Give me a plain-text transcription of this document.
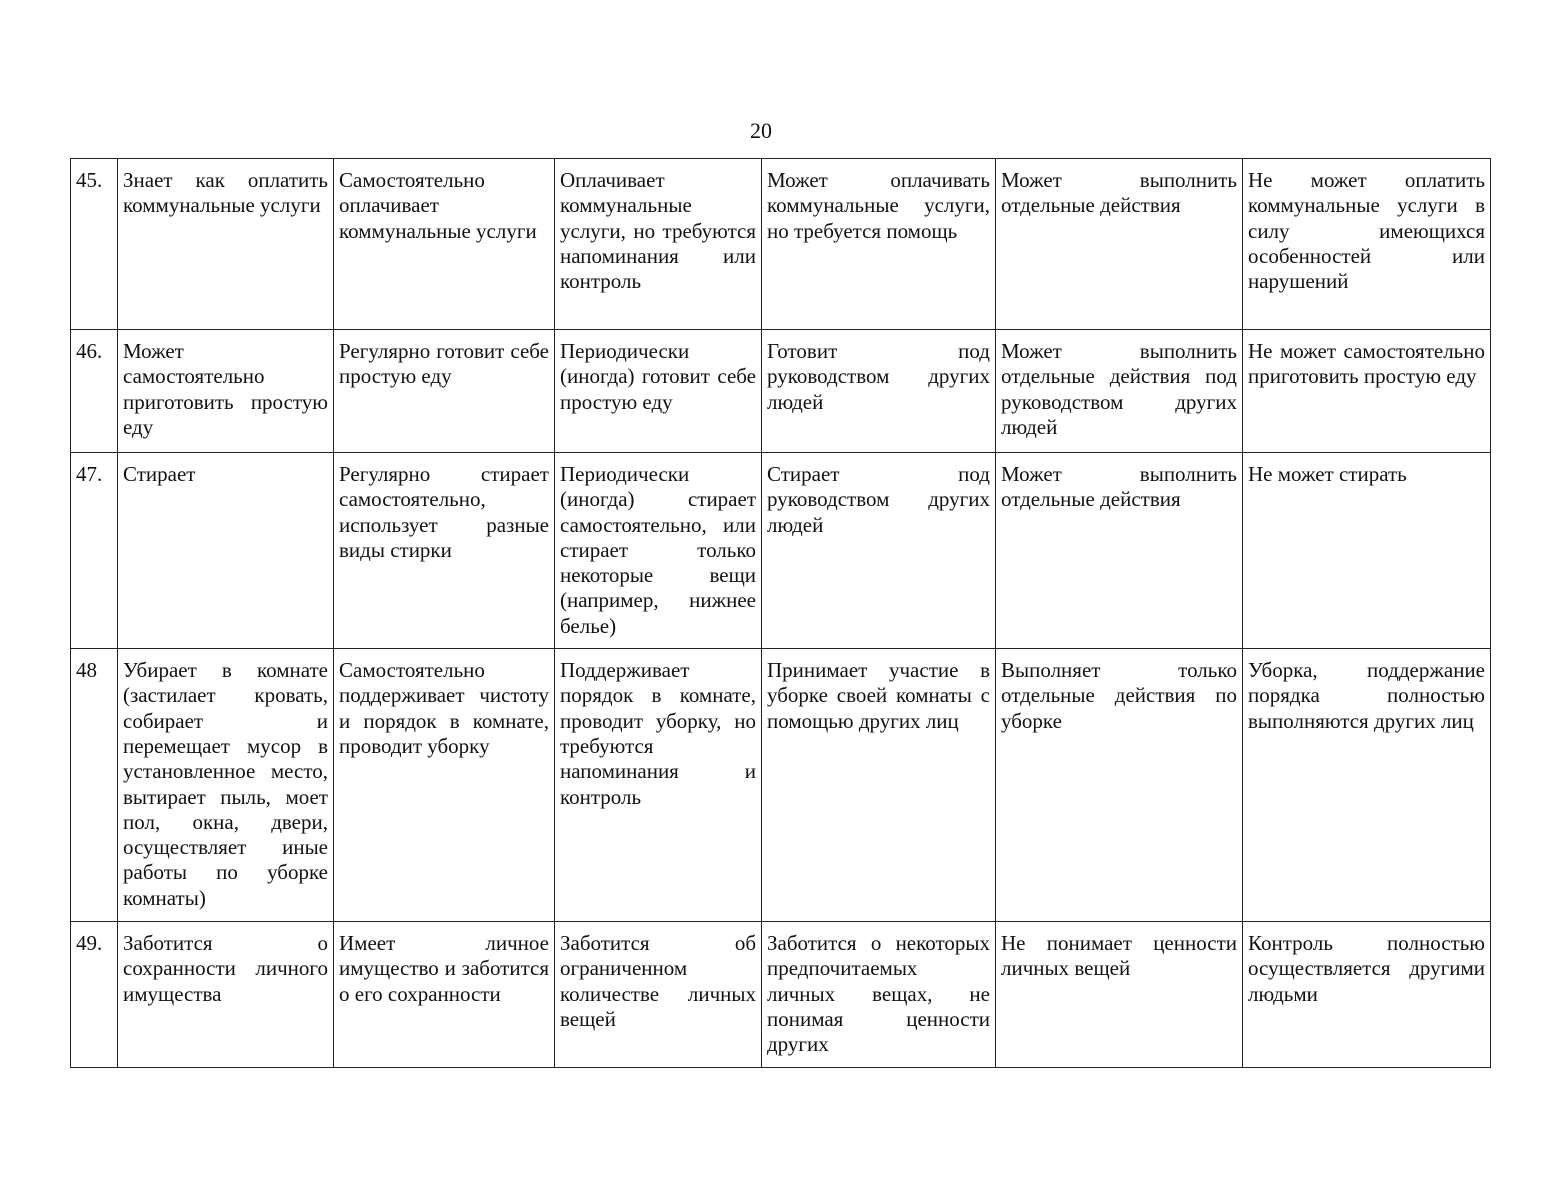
20
45.	Знает как оплатить коммунальные услуги	Самостоятельно оплачивает коммунальные услуги	Оплачивает коммунальные услуги, но требуются напоминания или контроль	Может оплачивать коммунальные услуги, но требуется помощь	Может выполнить отдельные действия	Не может оплатить коммунальные услуги в силу имеющихся особенностей или нарушений
46.	Может самостоятельно приготовить простую еду	Регулярно готовит себе простую еду	Периодически (иногда) готовит себе простую еду	Готовит под руководством других людей	Может выполнить отдельные действия под руководством других людей	Не может самостоятельно приготовить простую еду
47.	Стирает	Регулярно стирает самостоятельно, использует разные виды стирки	Периодически (иногда) стирает самостоятельно, или стирает только некоторые вещи (например, нижнее белье)	Стирает под руководством других людей	Может выполнить отдельные действия	Не может стирать
48	Убирает в комнате (застилает кровать, собирает и перемещает мусор в установленное место, вытирает пыль, моет пол, окна, двери, осуществляет иные работы по уборке комнаты)	Самостоятельно поддерживает чистоту и порядок в комнате, проводит уборку	Поддерживает порядок в комнате, проводит уборку, но требуются напоминания и контроль	Принимает участие в уборке своей комнаты с помощью других лиц	Выполняет только отдельные действия по уборке	Уборка, поддержание порядка полностью выполняются других лиц
49.	Заботится о сохранности личного имущества	Имеет личное имущество и заботится о его сохранности	Заботится об ограниченном количестве личных вещей	Заботится о некоторых предпочитаемых личных вещах, не понимая ценности других	Не понимает ценности личных вещей	Контроль полностью осуществляется другими людьми
